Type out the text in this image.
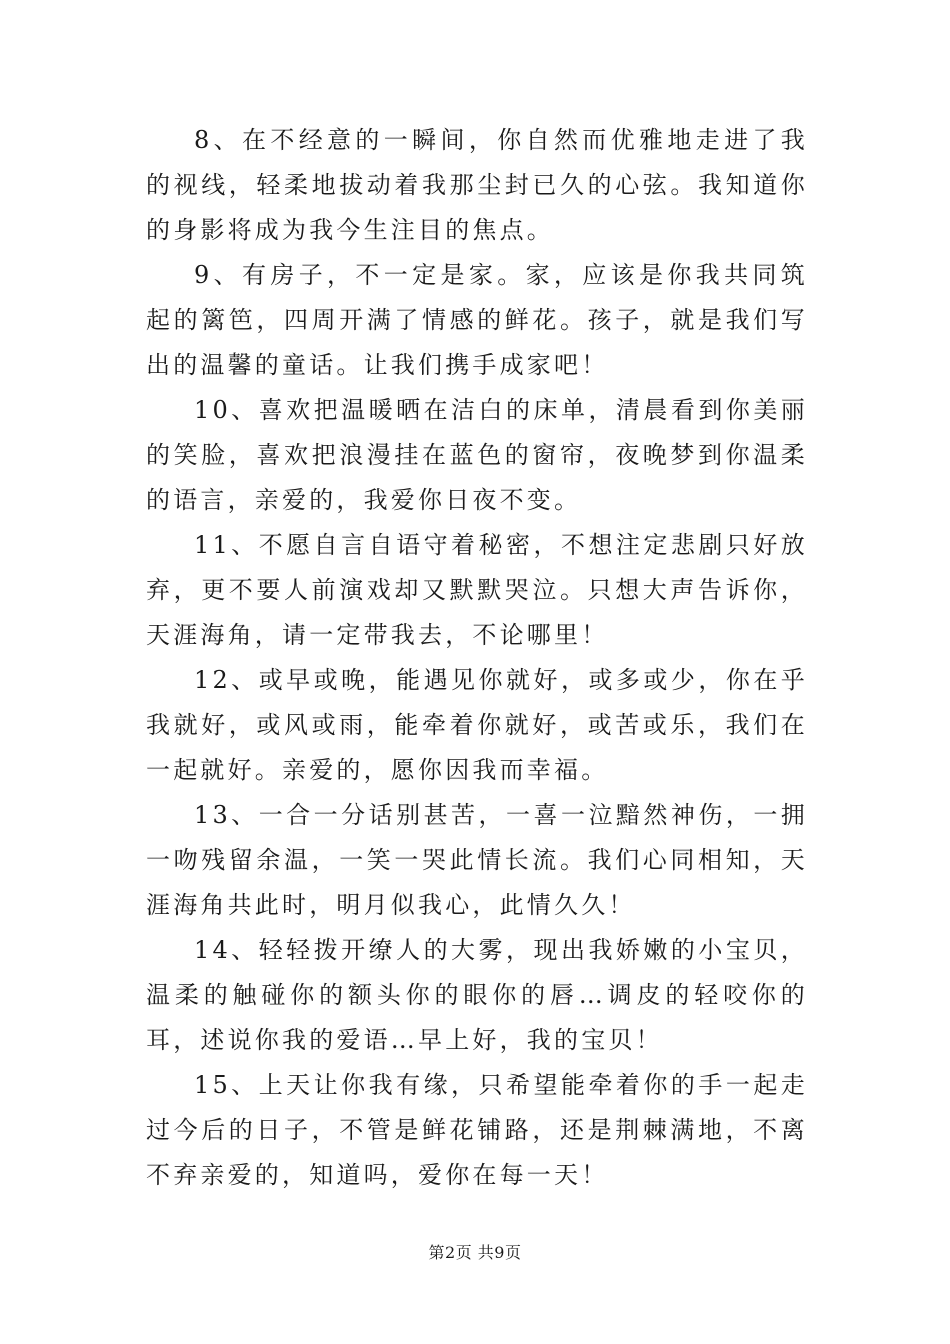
8、在不经意的一瞬间，你自然而优雅地走进了我的视线，轻柔地拔动着我那尘封已久的心弦。我知道你的身影将成为我今生注目的焦点。

9、有房子，不一定是家。家，应该是你我共同筑起的篱笆，四周开满了情感的鲜花。孩子，就是我们写出的温馨的童话。让我们携手成家吧！

10、喜欢把温暖晒在洁白的床单，清晨看到你美丽的笑脸，喜欢把浪漫挂在蓝色的窗帘，夜晚梦到你温柔的语言，亲爱的，我爱你日夜不变。

11、不愿自言自语守着秘密，不想注定悲剧只好放弃，更不要人前演戏却又默默哭泣。只想大声告诉你，天涯海角，请一定带我去，不论哪里！

12、或早或晚，能遇见你就好，或多或少，你在乎我就好，或风或雨，能牵着你就好，或苦或乐，我们在一起就好。亲爱的，愿你因我而幸福。

13、一合一分话别甚苦，一喜一泣黯然神伤，一拥一吻残留余温，一笑一哭此情长流。我们心同相知，天涯海角共此时，明月似我心，此情久久！

14、轻轻拨开缭人的大雾，现出我娇嫩的小宝贝，温柔的触碰你的额头你的眼你的唇…调皮的轻咬你的耳，述说你我的爱语…早上好，我的宝贝！

15、上天让你我有缘，只希望能牵着你的手一起走过今后的日子，不管是鲜花铺路，还是荆棘满地，不离不弃亲爱的，知道吗，爱你在每一天！

第2页 共9页
